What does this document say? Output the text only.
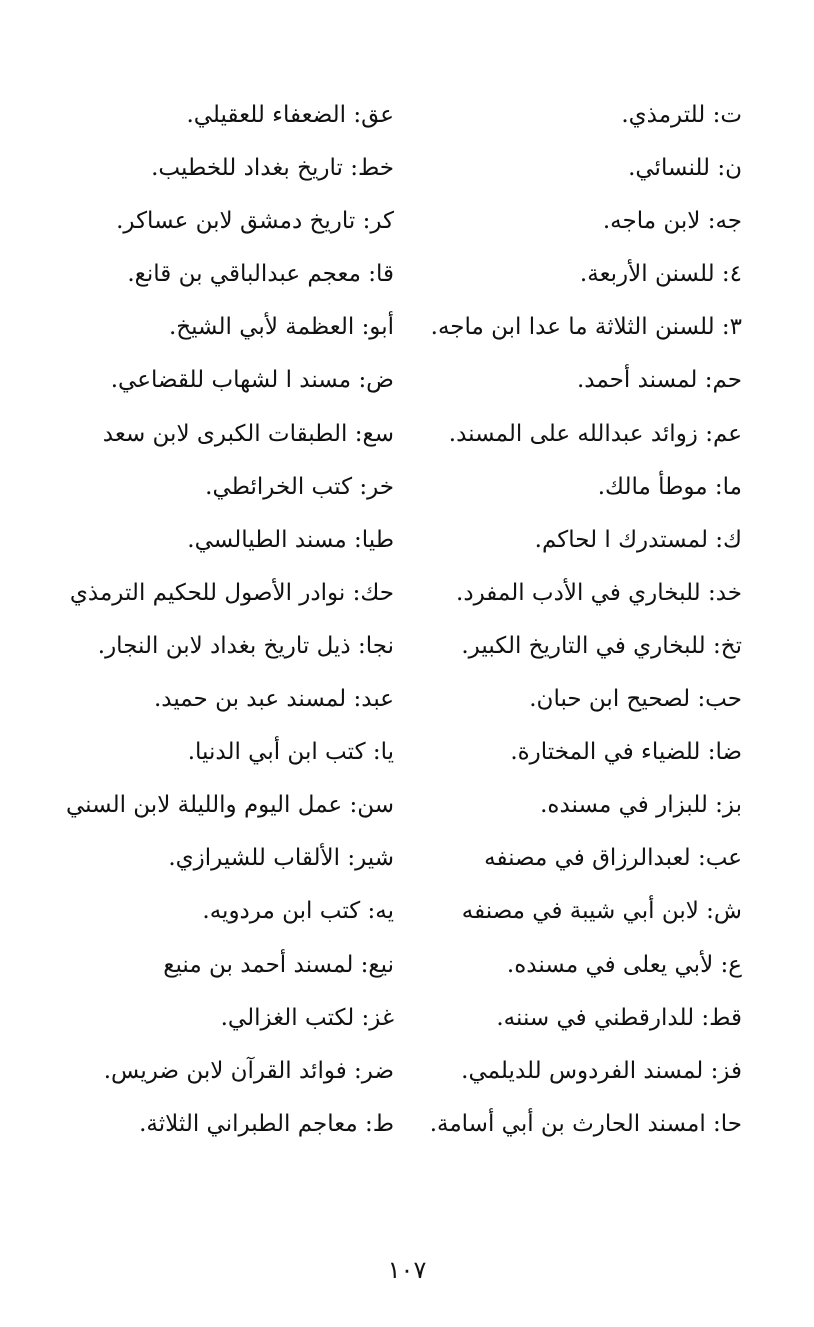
ت: للترمذي.
ن: للنسائي.
جه: لابن ماجه.
٤: للسنن الأربعة.
٣: للسنن الثلاثة ما عدا ابن ماجه.
حم: لمسند أحمد.
عم: زوائد عبدالله على المسند.
ما: موطأ مالك.
ك: لمستدرك ا لحاكم.
خد: للبخاري في الأدب المفرد.
تخ: للبخاري في التاريخ الكبير.
حب: لصحيح ابن حبان.
ضا: للضياء في المختارة.
بز: للبزار في مسنده.
عب: لعبدالرزاق في مصنفه
ش: لابن أبي شيبة في مصنفه
ع: لأبي يعلى في مسنده.
قط: للدارقطني في سننه.
فز: لمسند الفردوس للديلمي.
حا: امسند الحارث بن أبي أسامة.
عق: الضعفاء للعقيلي.
خط: تاريخ بغداد للخطيب.
كر: تاريخ دمشق لابن عساكر.
قا: معجم عبدالباقي بن قانع.
أبو: العظمة لأبي الشيخ.
ض: مسند ا لشهاب للقضاعي.
سع: الطبقات الكبرى لابن سعد
خر: كتب الخرائطي.
طيا: مسند الطيالسي.
حك: نوادر الأصول للحكيم الترمذي
نجا: ذيل تاريخ بغداد لابن النجار.
عبد: لمسند عبد بن حميد.
يا: كتب ابن أبي الدنيا.
سن: عمل اليوم والليلة لابن السني
شير: الألقاب للشيرازي.
يه: كتب ابن مردويه.
نيع: لمسند أحمد بن منيع
غز: لكتب الغزالي.
ضر: فوائد القرآن لابن ضريس.
ط: معاجم الطبراني الثلاثة.
١٠٧
